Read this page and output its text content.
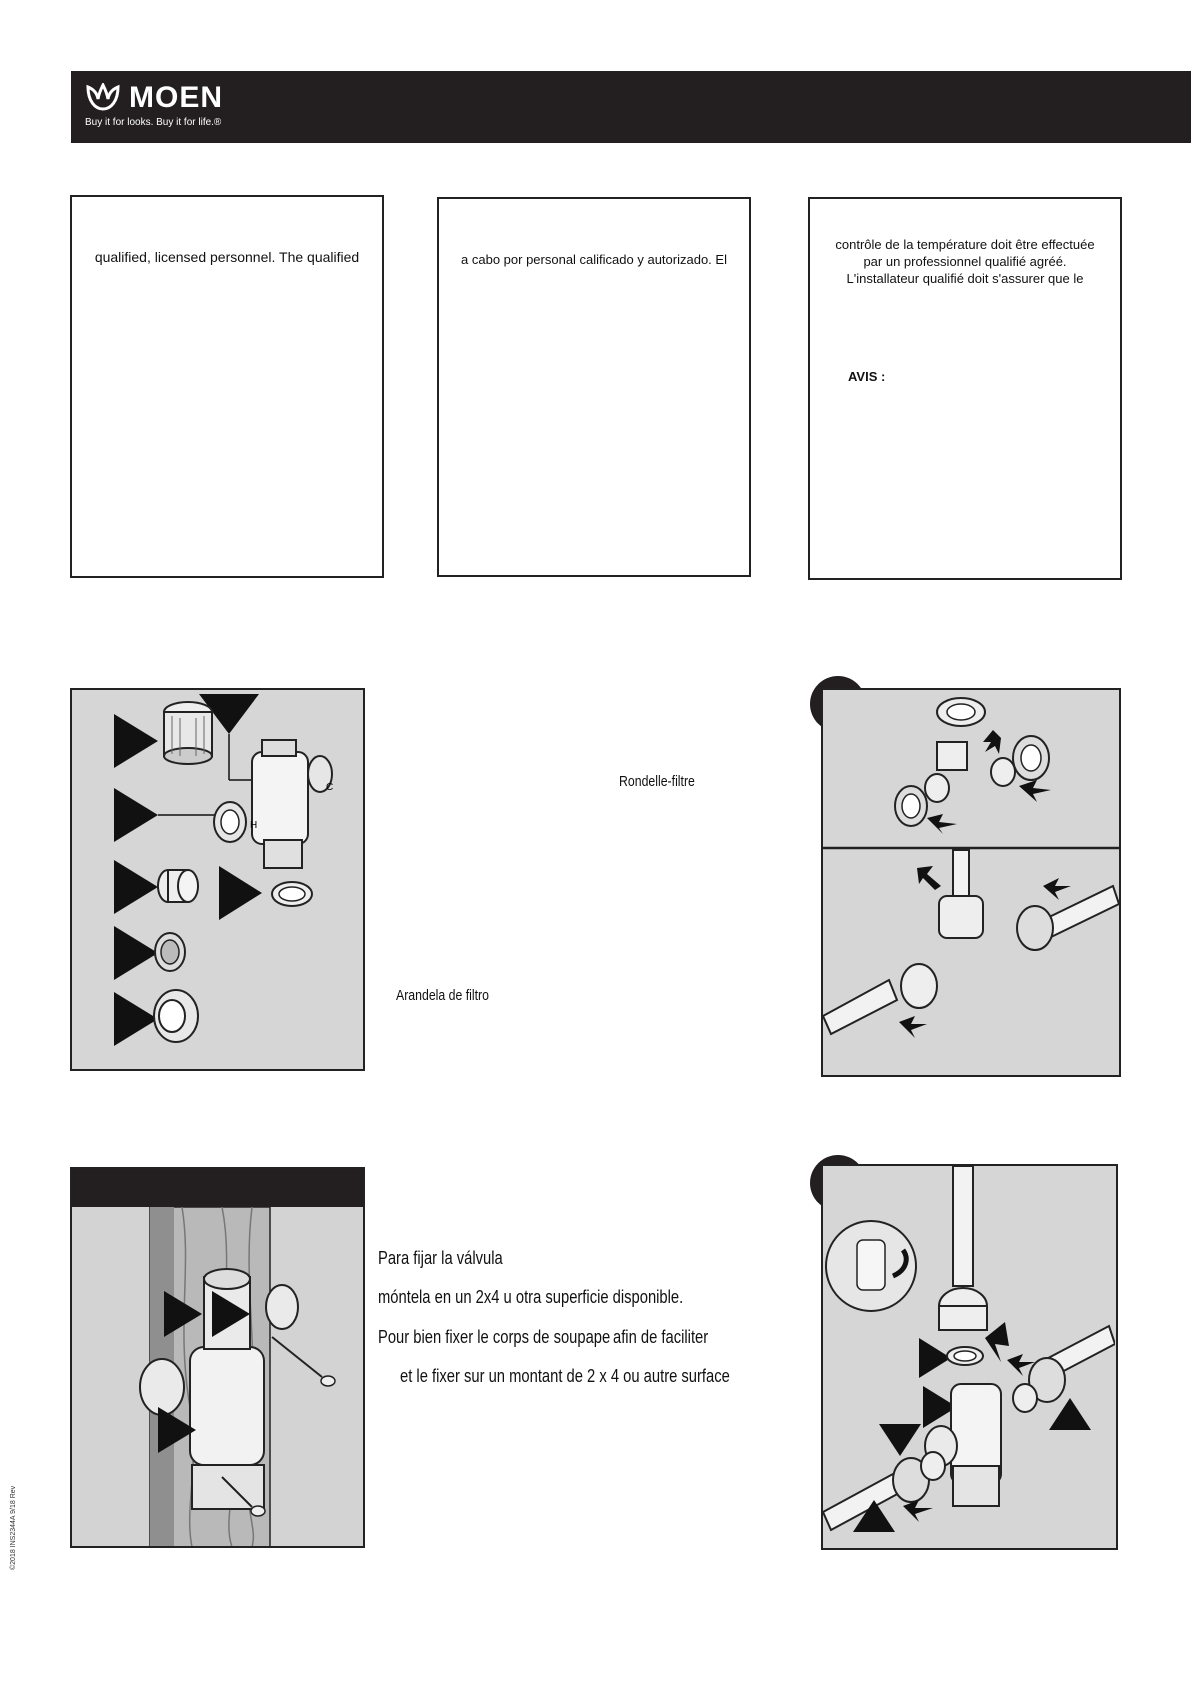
MOEN
Buy it for looks. Buy it for life.®
qualified, licensed personnel. The qualified	a cabo por personal calificado y autorizado. El
contrôle de la température doit être effectuée
par un professionnel qualifié agréé.
L'installateur qualifié doit s'assurer que le
AVIS :
H
C	Rondelle-filtre
Arandela de filtro
Para fijar la válvula
móntela en un 2x4 u otra superficie disponible.
Pour bien fixer le corps de soupape afin de faciliter
et le fixer sur un montant de 2 x 4 ou autre surface
©2018 INS2344A 9/18 Rev
